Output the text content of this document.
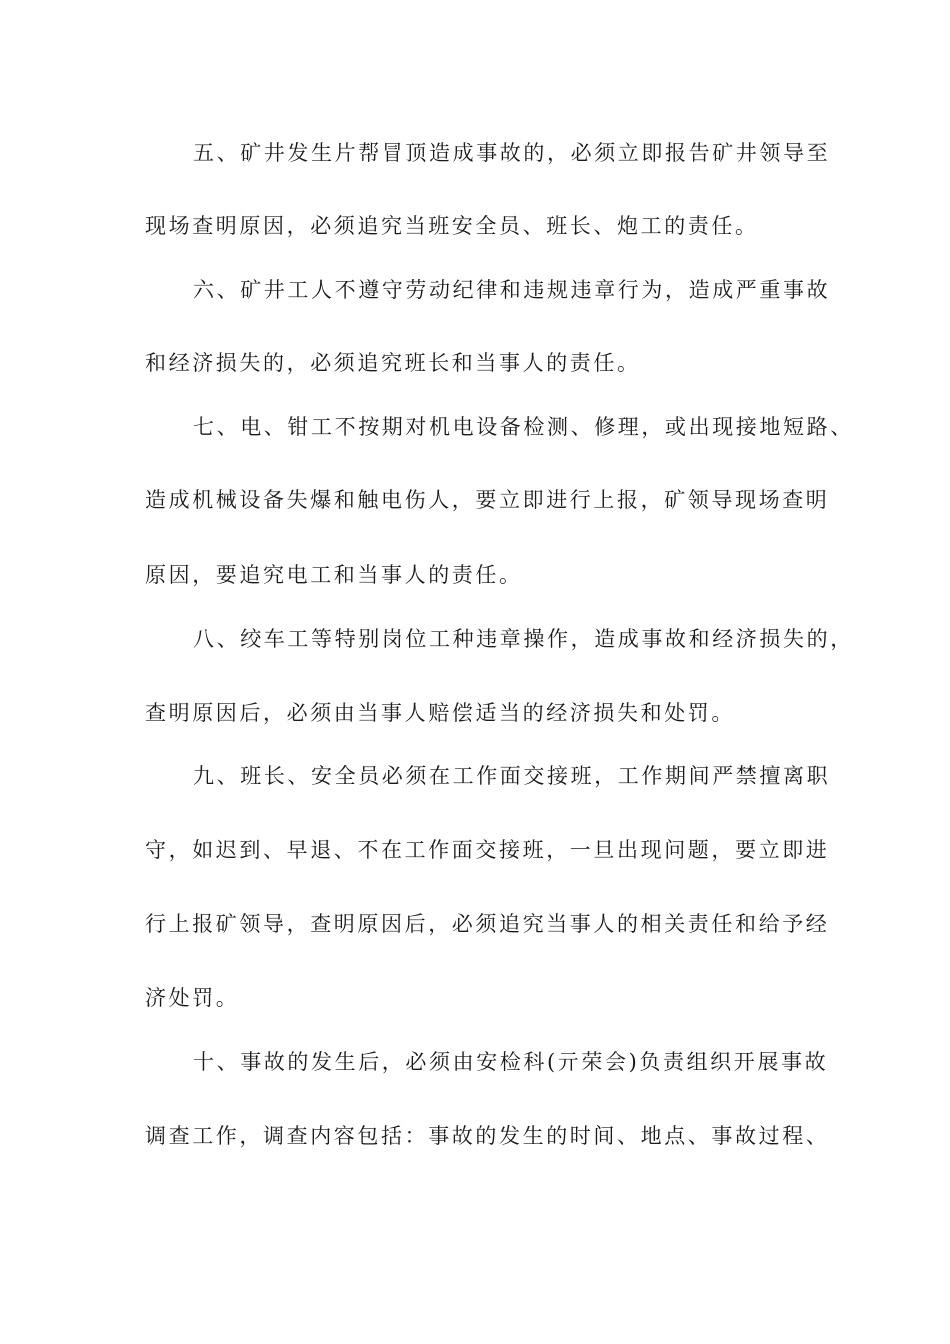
五、矿井发生片帮冒顶造成事故的，必须立即报告矿井领导至
现场查明原因，必须追究当班安全员、班长、炮工的责任。
六、矿井工人不遵守劳动纪律和违规违章行为，造成严重事故
和经济损失的，必须追究班长和当事人的责任。
七、电、钳工不按期对机电设备检测、修理，或出现接地短路、
造成机械设备失爆和触电伤人，要立即进行上报，矿领导现场查明
原因，要追究电工和当事人的责任。
八、绞车工等特别岗位工种违章操作，造成事故和经济损失的，
查明原因后，必须由当事人赔偿适当的经济损失和处罚。
九、班长、安全员必须在工作面交接班，工作期间严禁擅离职
守，如迟到、早退、不在工作面交接班，一旦出现问题，要立即进
行上报矿领导，查明原因后，必须追究当事人的相关责任和给予经
济处罚。
十、事故的发生后，必须由安检科(亓荣会)负责组织开展事故
调查工作，调查内容包括：事故的发生的时间、地点、事故过程、
